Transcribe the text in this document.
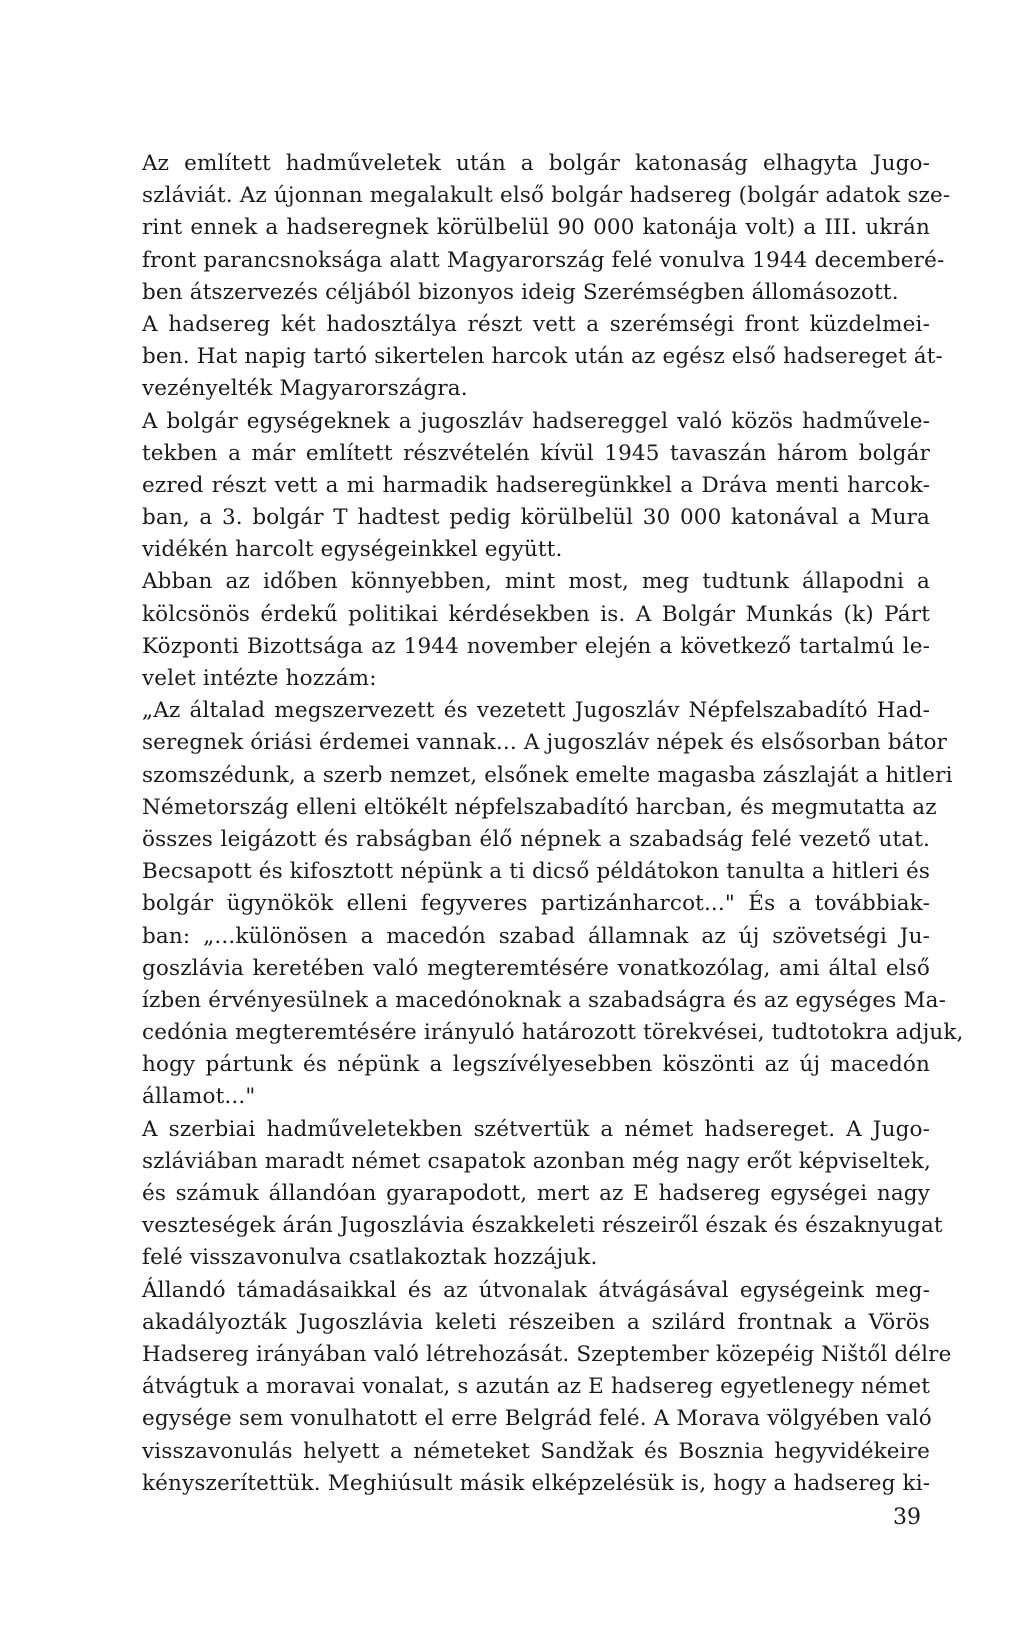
Az említett hadműveletek után a bolgár katonaság elhagyta Jugo-
szláviát. Az újonnan megalakult első bolgár hadsereg (bolgár adatok sze-
rint ennek a hadseregnek körülbelül 90 000 katonája volt) a III. ukrán
front parancsnoksága alatt Magyarország felé vonulva 1944 decemberé-
ben átszervezés céljából bizonyos ideig Szerémségben állomásozott.
A hadsereg két hadosztálya részt vett a szerémségi front küzdelmei-
ben. Hat napig tartó sikertelen harcok után az egész első hadsereget át-
vezényelték Magyarországra.
A bolgár egységeknek a jugoszláv hadsereggel való közös hadművele-
tekben a már említett részvételén kívül 1945 tavaszán három bolgár
ezred részt vett a mi harmadik hadseregünkkel a Dráva menti harcok-
ban, a 3. bolgár T hadtest pedig körülbelül 30 000 katonával a Mura
vidékén harcolt egységeinkkel együtt.
Abban az időben könnyebben, mint most, meg tudtunk állapodni a
kölcsönös érdekű politikai kérdésekben is. A Bolgár Munkás (k) Párt
Központi Bizottsága az 1944 november elején a következő tartalmú le-
velet intézte hozzám:
„Az általad megszervezett és vezetett Jugoszláv Népfelszabadító Had-
seregnek óriási érdemei vannak... A jugoszláv népek és elsősorban bátor
szomszédunk, a szerb nemzet, elsőnek emelte magasba zászlaját a hitleri
Németország elleni eltökélt népfelszabadító harcban, és megmutatta az
összes leigázott és rabságban élő népnek a szabadság felé vezető utat.
Becsapott és kifosztott népünk a ti dicső példátokon tanulta a hitleri és
bolgár ügynökök elleni fegyveres partizánharcot..." És a továbbiak-
ban: „...különösen a macedón szabad államnak az új szövetségi Ju-
goszlávia keretében való megteremtésére vonatkozólag, ami által első
ízben érvényesülnek a macedónoknak a szabadságra és az egységes Ma-
cedónia megteremtésére irányuló határozott törekvései, tudtotokra adjuk,
hogy pártunk és népünk a legszívélyesebben köszönti az új macedón
államot..."
A szerbiai hadműveletekben szétvertük a német hadsereget. A Jugo-
szláviában maradt német csapatok azonban még nagy erőt képviseltek,
és számuk állandóan gyarapodott, mert az E hadsereg egységei nagy
veszteségek árán Jugoszlávia északkeleti részeiről észak és északnyugat
felé visszavonulva csatlakoztak hozzájuk.
Állandó támadásaikkal és az útvonalak átvágásával egységeink meg-
akadályozták Jugoszlávia keleti részeiben a szilárd frontnak a Vörös
Hadsereg irányában való létrehozását. Szeptember közepéig Ništől délre
átvágtuk a moravai vonalat, s azután az E hadsereg egyetlenegy német
egysége sem vonulhatott el erre Belgrád felé. A Morava völgyében való
visszavonulás helyett a németeket Sandžak és Bosznia hegyvidékeire
kényszerítettük. Meghiúsult másik elképzelésük is, hogy a hadsereg ki-
39
